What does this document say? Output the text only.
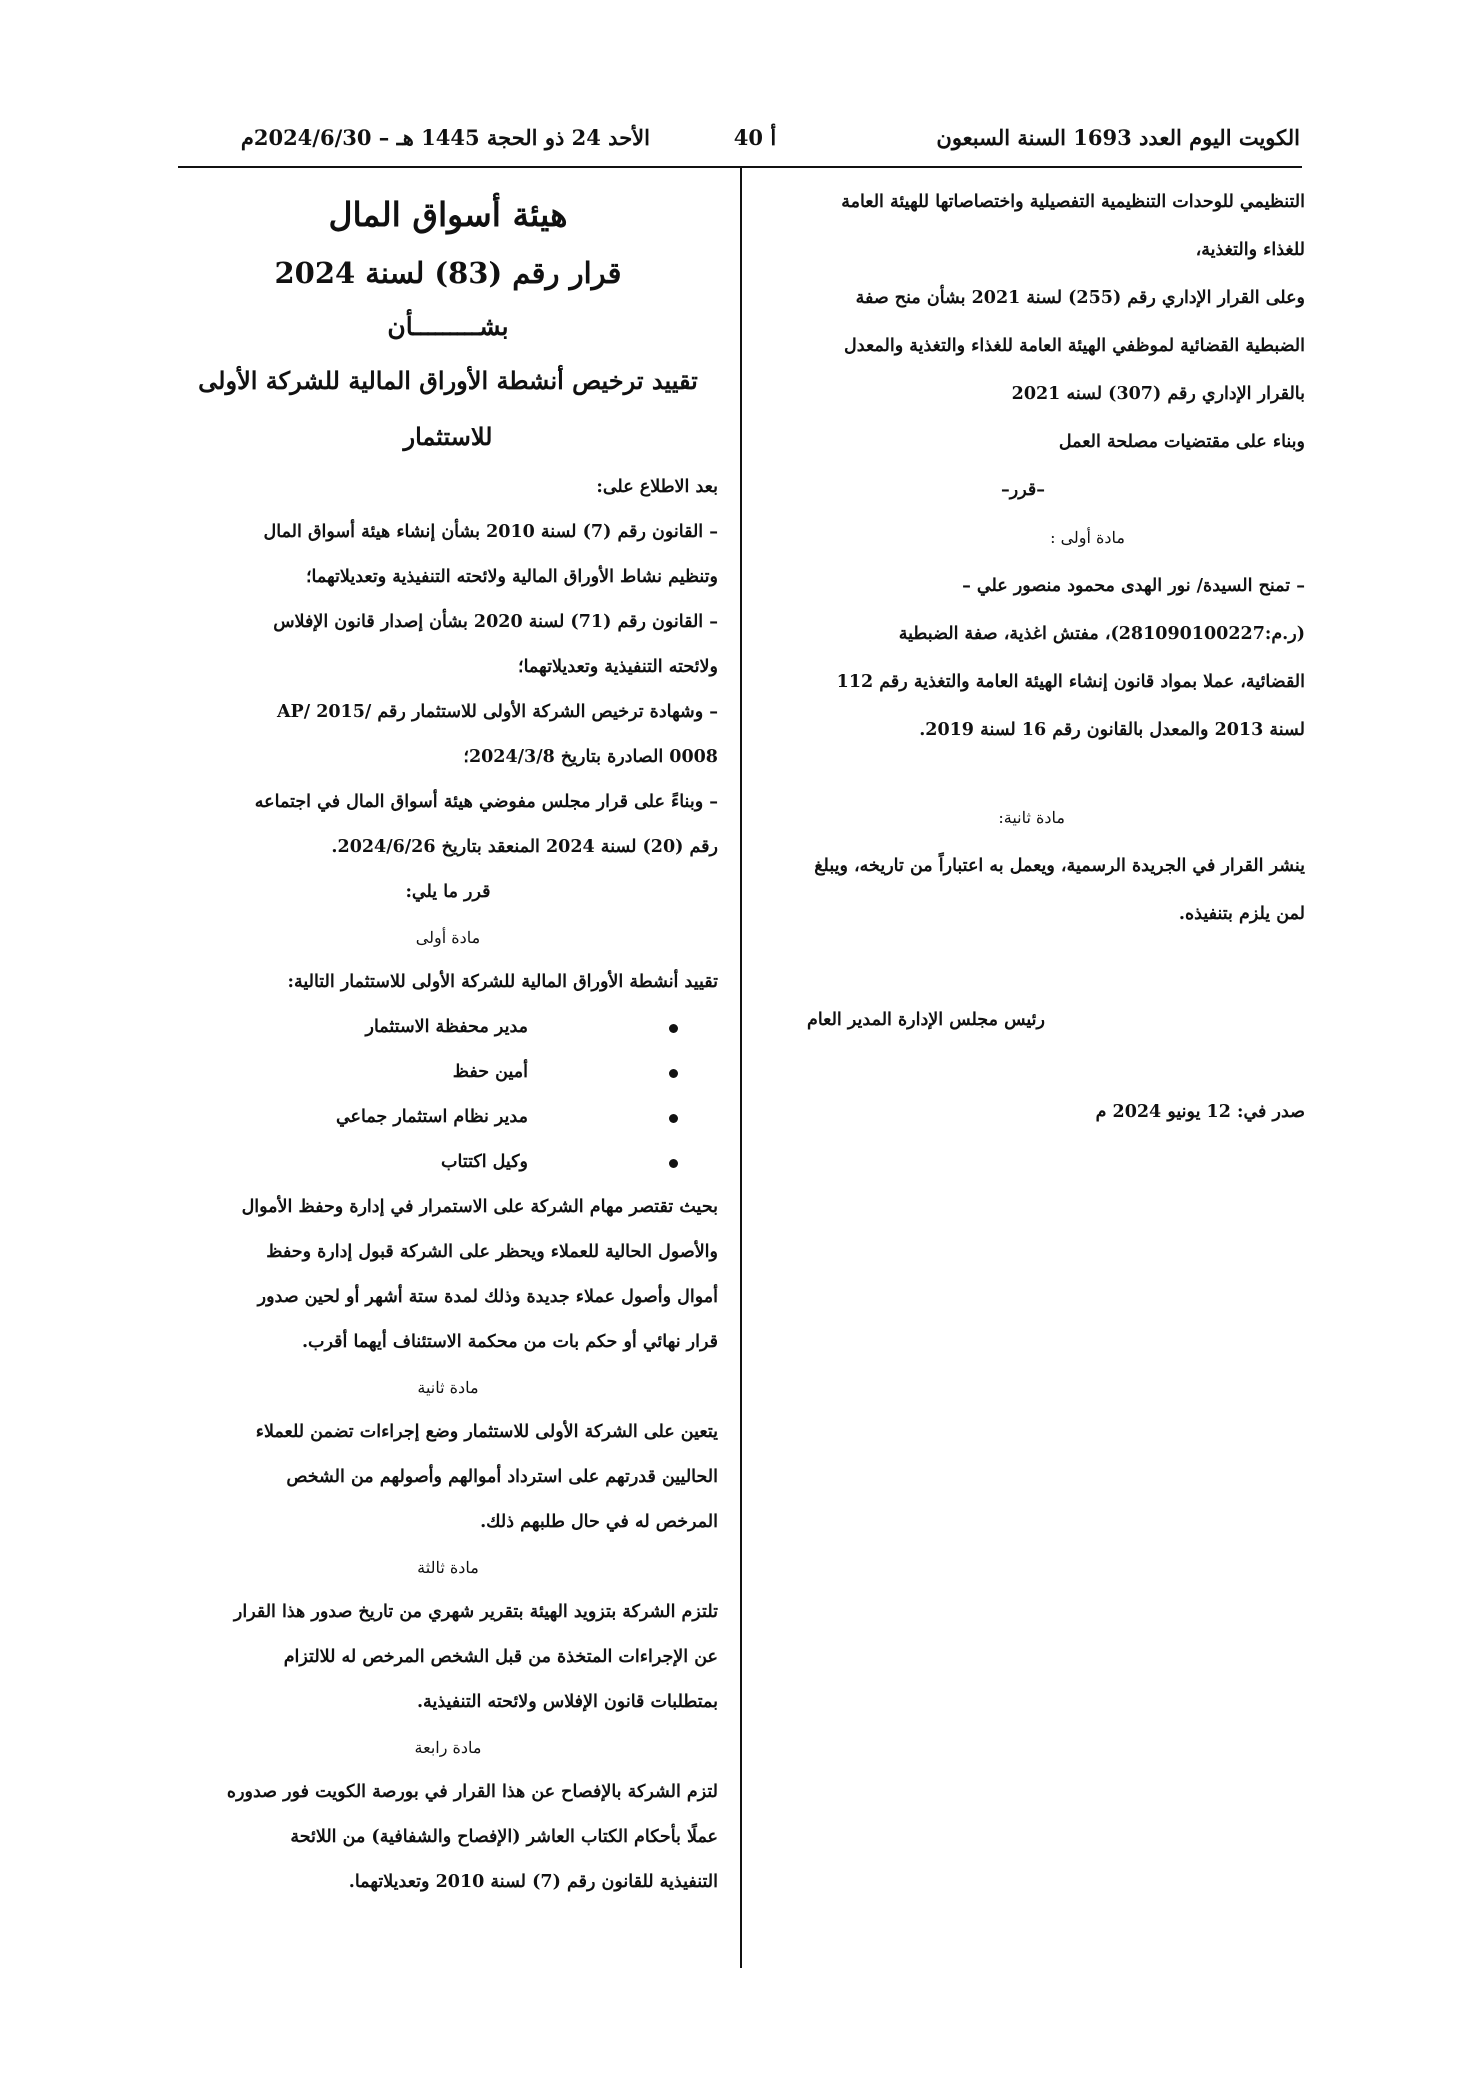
الكويت اليوم العدد 1693 السنة السبعون
أ 40
الأحد 24 ذو الحجة 1445 هـ – 2024/6/30م

التنظيمي للوحدات التنظيمية التفصيلية واختصاصاتها للهيئة العامة

للغذاء والتغذية،

وعلى القرار الإداري رقم (255) لسنة 2021 بشأن منح صفة

الضبطية القضائية لموظفي الهيئة العامة للغذاء والتغذية والمعدل

بالقرار الإداري رقم (307) لسنه 2021

وبناء على مقتضيات مصلحة العمل

–قرر–

مادة أولى :

– تمنح السيدة/ نور الهدى محمود منصور علي –

(ر.م:281090100227)، مفتش اغذية، صفة الضبطية

القضائية، عملا بمواد قانون إنشاء الهيئة العامة والتغذية رقم 112

لسنة 2013 والمعدل بالقانون رقم 16 لسنة 2019.

مادة ثانية:

ينشر القرار في الجريدة الرسمية، ويعمل به اعتباراً من تاريخه، ويبلغ

لمن يلزم بتنفيذه.

رئيس مجلس الإدارة المدير العام

صدر في: 12 يونيو 2024 م

هيئة أسواق المال

قرار رقم (83) لسنة 2024

بشـــــــــأن

تقييد ترخيص أنشطة الأوراق المالية للشركة الأولى

للاستثمار

بعد الاطلاع على:

– القانون رقم (7) لسنة 2010 بشأن إنشاء هيئة أسواق المال

وتنظيم نشاط الأوراق المالية ولائحته التنفيذية وتعديلاتهما؛

– القانون رقم (71) لسنة 2020 بشأن إصدار قانون الإفلاس

ولائحته التنفيذية وتعديلاتهما؛

– وشهادة ترخيص الشركة الأولى للاستثمار رقم /AP/ 2015

0008 الصادرة بتاريخ 2024/3/8؛

– وبناءً على قرار مجلس مفوضي هيئة أسواق المال في اجتماعه

رقم (20) لسنة 2024 المنعقد بتاريخ 2024/6/26.

قرر ما يلي:

مادة أولى

تقييد أنشطة الأوراق المالية للشركة الأولى للاستثمار التالية:

مدير محفظة الاستثمار
أمين حفظ
مدير نظام استثمار جماعي
وكيل اكتتاب

بحيث تقتصر مهام الشركة على الاستمرار في إدارة وحفظ الأموال

والأصول الحالية للعملاء ويحظر على الشركة قبول إدارة وحفظ

أموال وأصول عملاء جديدة وذلك لمدة ستة أشهر أو لحين صدور

قرار نهائي أو حكم بات من محكمة الاستئناف أيهما أقرب.

مادة ثانية

يتعين على الشركة الأولى للاستثمار وضع إجراءات تضمن للعملاء

الحاليين قدرتهم على استرداد أموالهم وأصولهم من الشخص

المرخص له في حال طلبهم ذلك.

مادة ثالثة

تلتزم الشركة بتزويد الهيئة بتقرير شهري من تاريخ صدور هذا القرار

عن الإجراءات المتخذة من قبل الشخص المرخص له للالتزام

بمتطلبات قانون الإفلاس ولائحته التنفيذية.

مادة رابعة

لتزم الشركة بالإفصاح عن هذا القرار في بورصة الكويت فور صدوره

عملًا بأحكام الكتاب العاشر (الإفصاح والشفافية) من اللائحة

التنفيذية للقانون رقم (7) لسنة 2010 وتعديلاتهما.
